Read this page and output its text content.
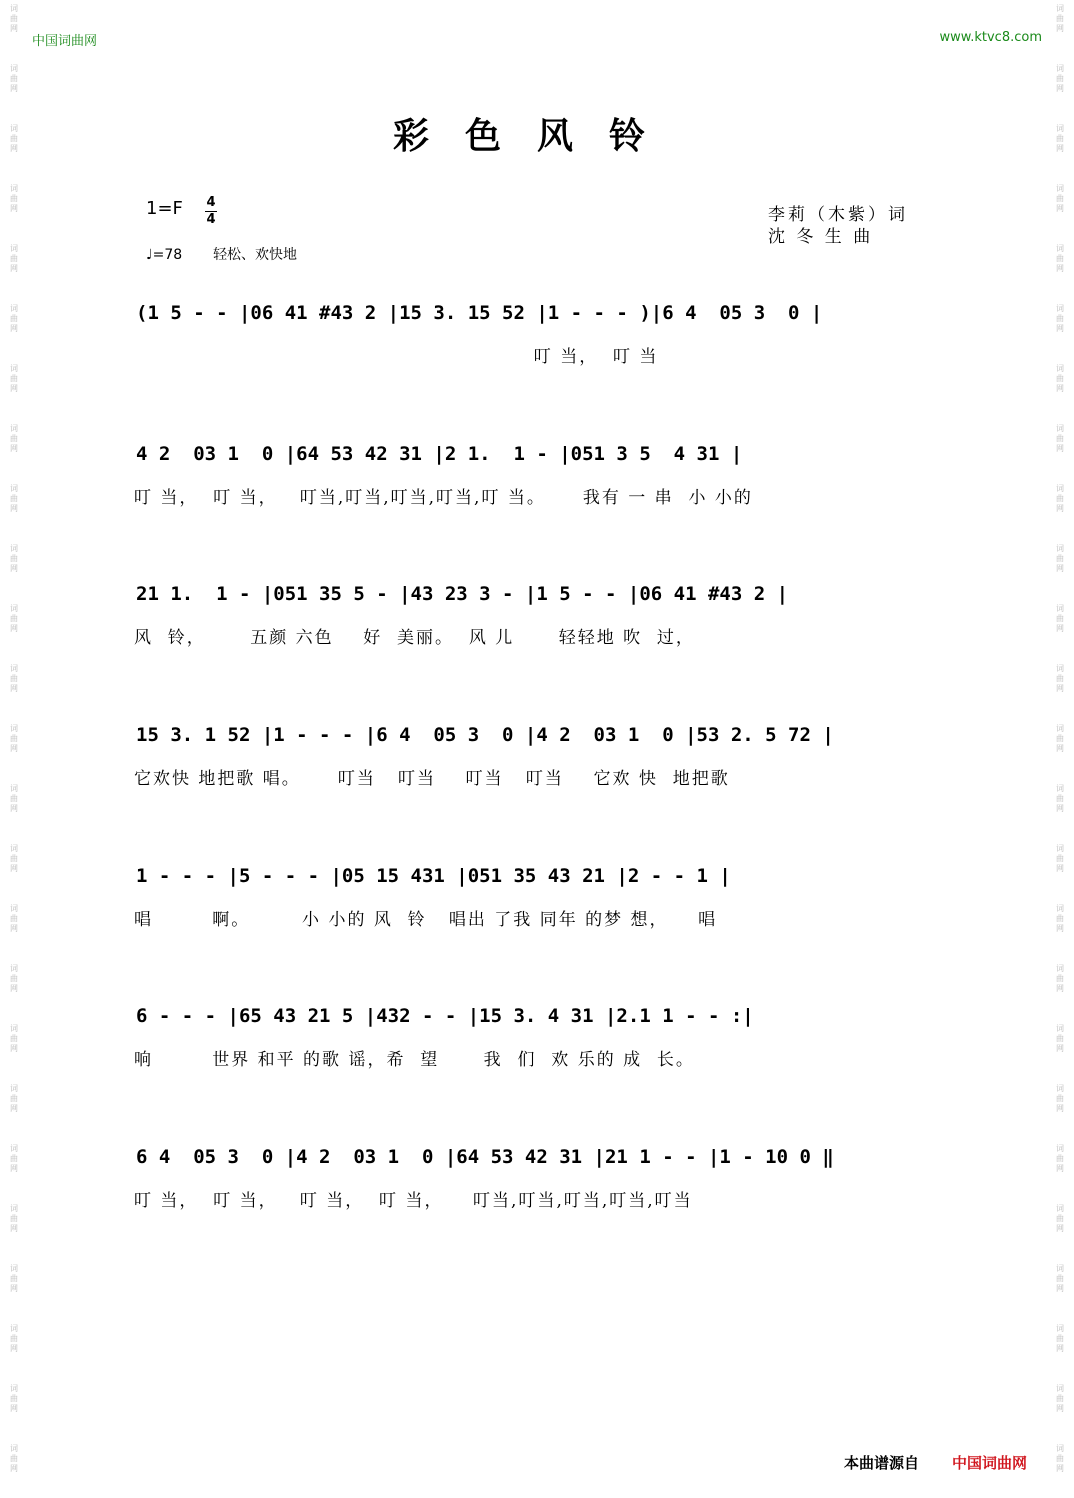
词
曲
网
词
曲
网
词
曲
网
词
曲
网
词
曲
网
词
曲
网
词
曲
网
词
曲
网
词
曲
网
词
曲
网
词
曲
网
词
曲
网
词
曲
网
词
曲
网
词
曲
网
词
曲
网
词
曲
网
词
曲
网
词
曲
网
词
曲
网
词
曲
网
词
曲
网
词
曲
网
词
曲
网
词
曲
网
词
曲
网
词
曲
网
词
曲
网
词
曲
网
词
曲
网
词
曲
网
词
曲
网
词
曲
网
词
曲
网
词
曲
网
词
曲
网
词
曲
网
词
曲
网
词
曲
网
词
曲
网
词
曲
网
词
曲
网
词
曲
网
词
曲
网
词
曲
网
词
曲
网
词
曲
网
词
曲
网
词
曲
网
词
曲
网
中国词曲网	www.ktvc8.com
彩色风铃
1=F 4
4
♩=78 轻松、欢快地
李莉（木紫）词
沈 冬 生 曲
(1 5 - - |06 41 #43 2 |15 3. 15 52 |1 - - - )|6 4  05 3  0 |
叮 当，  叮 当
4 2  03 1  0 |64 53 42 31 |2 1.  1 - |051 3 5  4 31 |
叮 当，  叮 当，   叮当,叮当,叮当,叮当,叮 当。     我有 一 串  小 小的
21 1.  1 - |051 35 5 - |43 23 3 - |1 5 - - |06 41 #43 2 |
风  铃，      五颜 六色    好  美丽。  风 儿      轻轻地 吹  过，
15 3. 1 52 |1 - - - |6 4  05 3  0 |4 2  03 1  0 |53 2. 5 72 |
它欢快 地把歌 唱。     叮当   叮当    叮当   叮当    它欢 快  地把歌
1 - - - |5 - - - |05 15 431 |051 35 43 21 |2 - - 1 |
唱        啊。       小 小的 风  铃   唱出 了我 同年 的梦 想，    唱
6 - - - |65 43 21 5 |432 - - |15 3. 4 31 |2.1 1 - - :|
响        世界 和平 的歌 谣，希  望      我  们  欢 乐的 成  长。
6 4  05 3  0 |4 2  03 1  0 |64 53 42 31 |21 1 - - |1 - 10 0 ‖
叮 当，  叮 当，   叮 当，  叮 当，    叮当,叮当,叮当,叮当,叮当
本曲谱源自 中国词曲网
